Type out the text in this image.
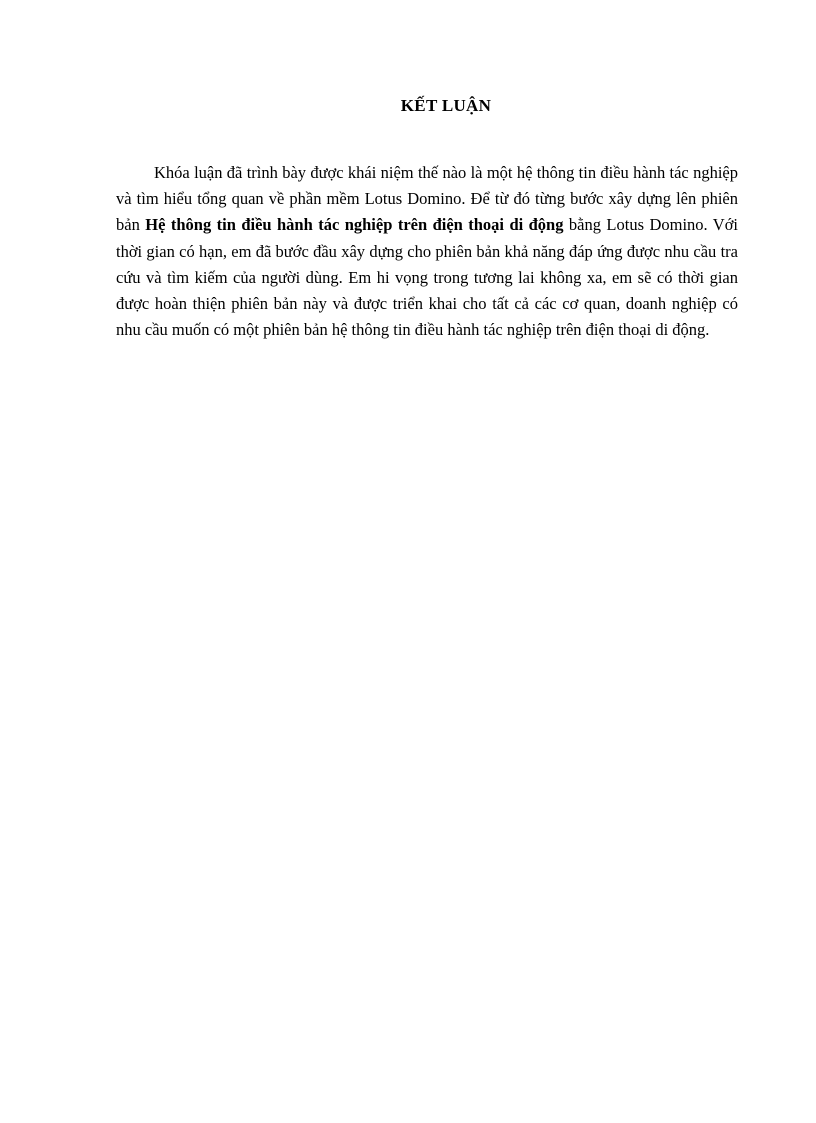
KẾT LUẬN

Khóa luận đã trình bày được khái niệm thế nào là một hệ thông tin điều hành tác nghiệp và tìm hiểu tổng quan về phần mềm Lotus Domino. Để từ đó từng bước xây dựng lên phiên bản Hệ thông tin điều hành tác nghiệp trên điện thoại di động bằng Lotus Domino. Với thời gian có hạn, em đã bước đầu xây dựng cho phiên bản khả năng đáp ứng được nhu cầu tra cứu và tìm kiếm của người dùng. Em hi vọng trong tương lai không xa, em sẽ có thời gian được hoàn thiện phiên bản này và được triển khai cho tất cả các cơ quan, doanh nghiệp có nhu cầu muốn có một phiên bản hệ thông tin điều hành tác nghiệp trên điện thoại di động.
